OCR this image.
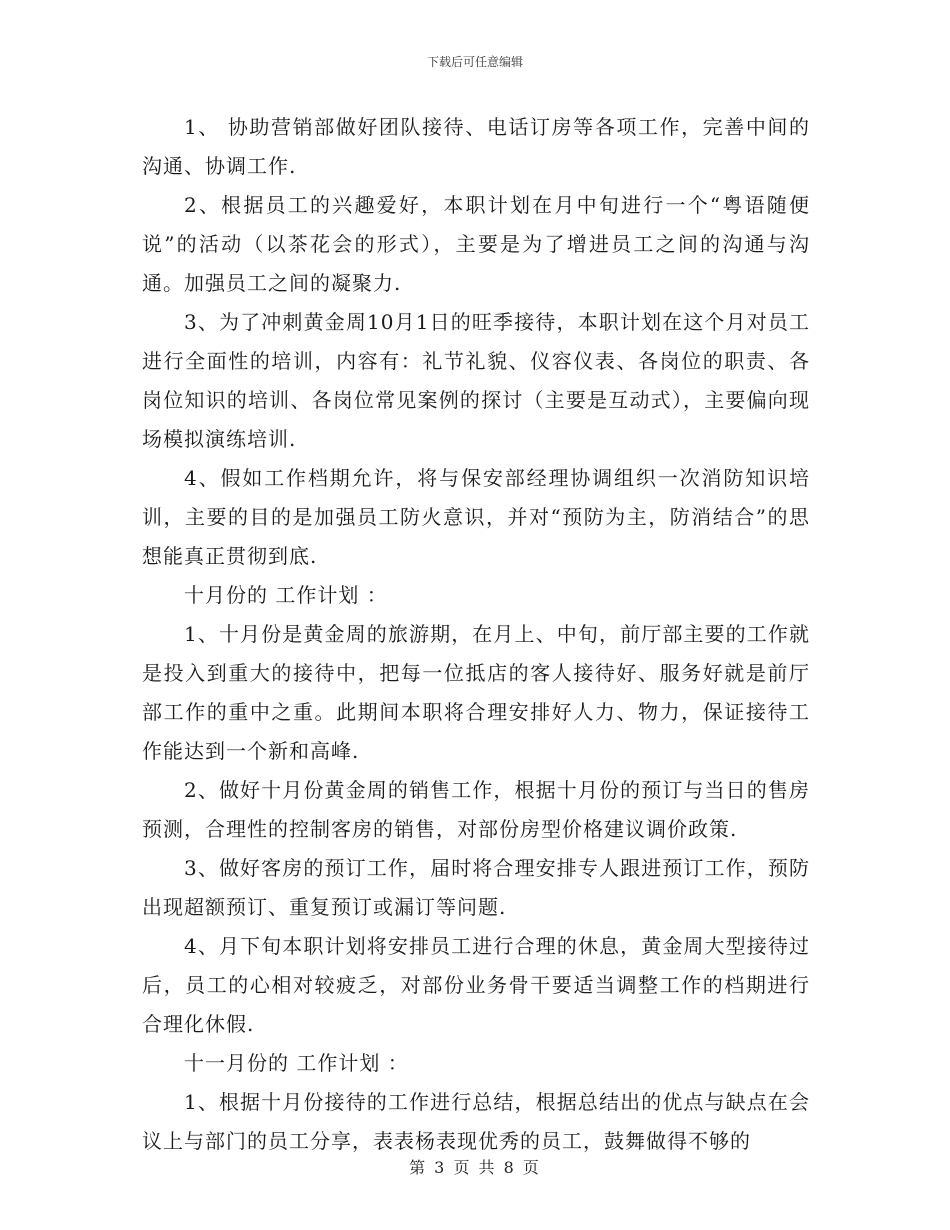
下载后可任意编辑

1、 协助营销部做好团队接待、电话订房等各项工作，完善中间的沟通、协调工作.

2、根据员工的兴趣爱好，本职计划在月中旬进行一个“粤语随便说”的活动（以茶花会的形式），主要是为了增进员工之间的沟通与沟通。加强员工之间的凝聚力.

3、为了冲刺黄金周10月1日的旺季接待，本职计划在这个月对员工进行全面性的培训，内容有：礼节礼貌、仪容仪表、各岗位的职责、各岗位知识的培训、各岗位常见案例的探讨（主要是互动式），主要偏向现场模拟演练培训.

4、假如工作档期允许，将与保安部经理协调组织一次消防知识培训，主要的目的是加强员工防火意识，并对“预防为主，防消结合”的思想能真正贯彻到底.

十月份的 工作计划 ：

1、十月份是黄金周的旅游期，在月上、中旬，前厅部主要的工作就是投入到重大的接待中，把每一位抵店的客人接待好、服务好就是前厅部工作的重中之重。此期间本职将合理安排好人力、物力，保证接待工作能达到一个新和高峰.

2、做好十月份黄金周的销售工作，根据十月份的预订与当日的售房预测，合理性的控制客房的销售，对部份房型价格建议调价政策.

3、做好客房的预订工作，届时将合理安排专人跟进预订工作，预防出现超额预订、重复预订或漏订等问题.

4、月下旬本职计划将安排员工进行合理的休息，黄金周大型接待过后，员工的心相对较疲乏，对部份业务骨干要适当调整工作的档期进行合理化休假.

十一月份的 工作计划 ：

1、根据十月份接待的工作进行总结，根据总结出的优点与缺点在会议上与部门的员工分享，表表杨表现优秀的员工，鼓舞做得不够的

第 3 页 共 8 页
